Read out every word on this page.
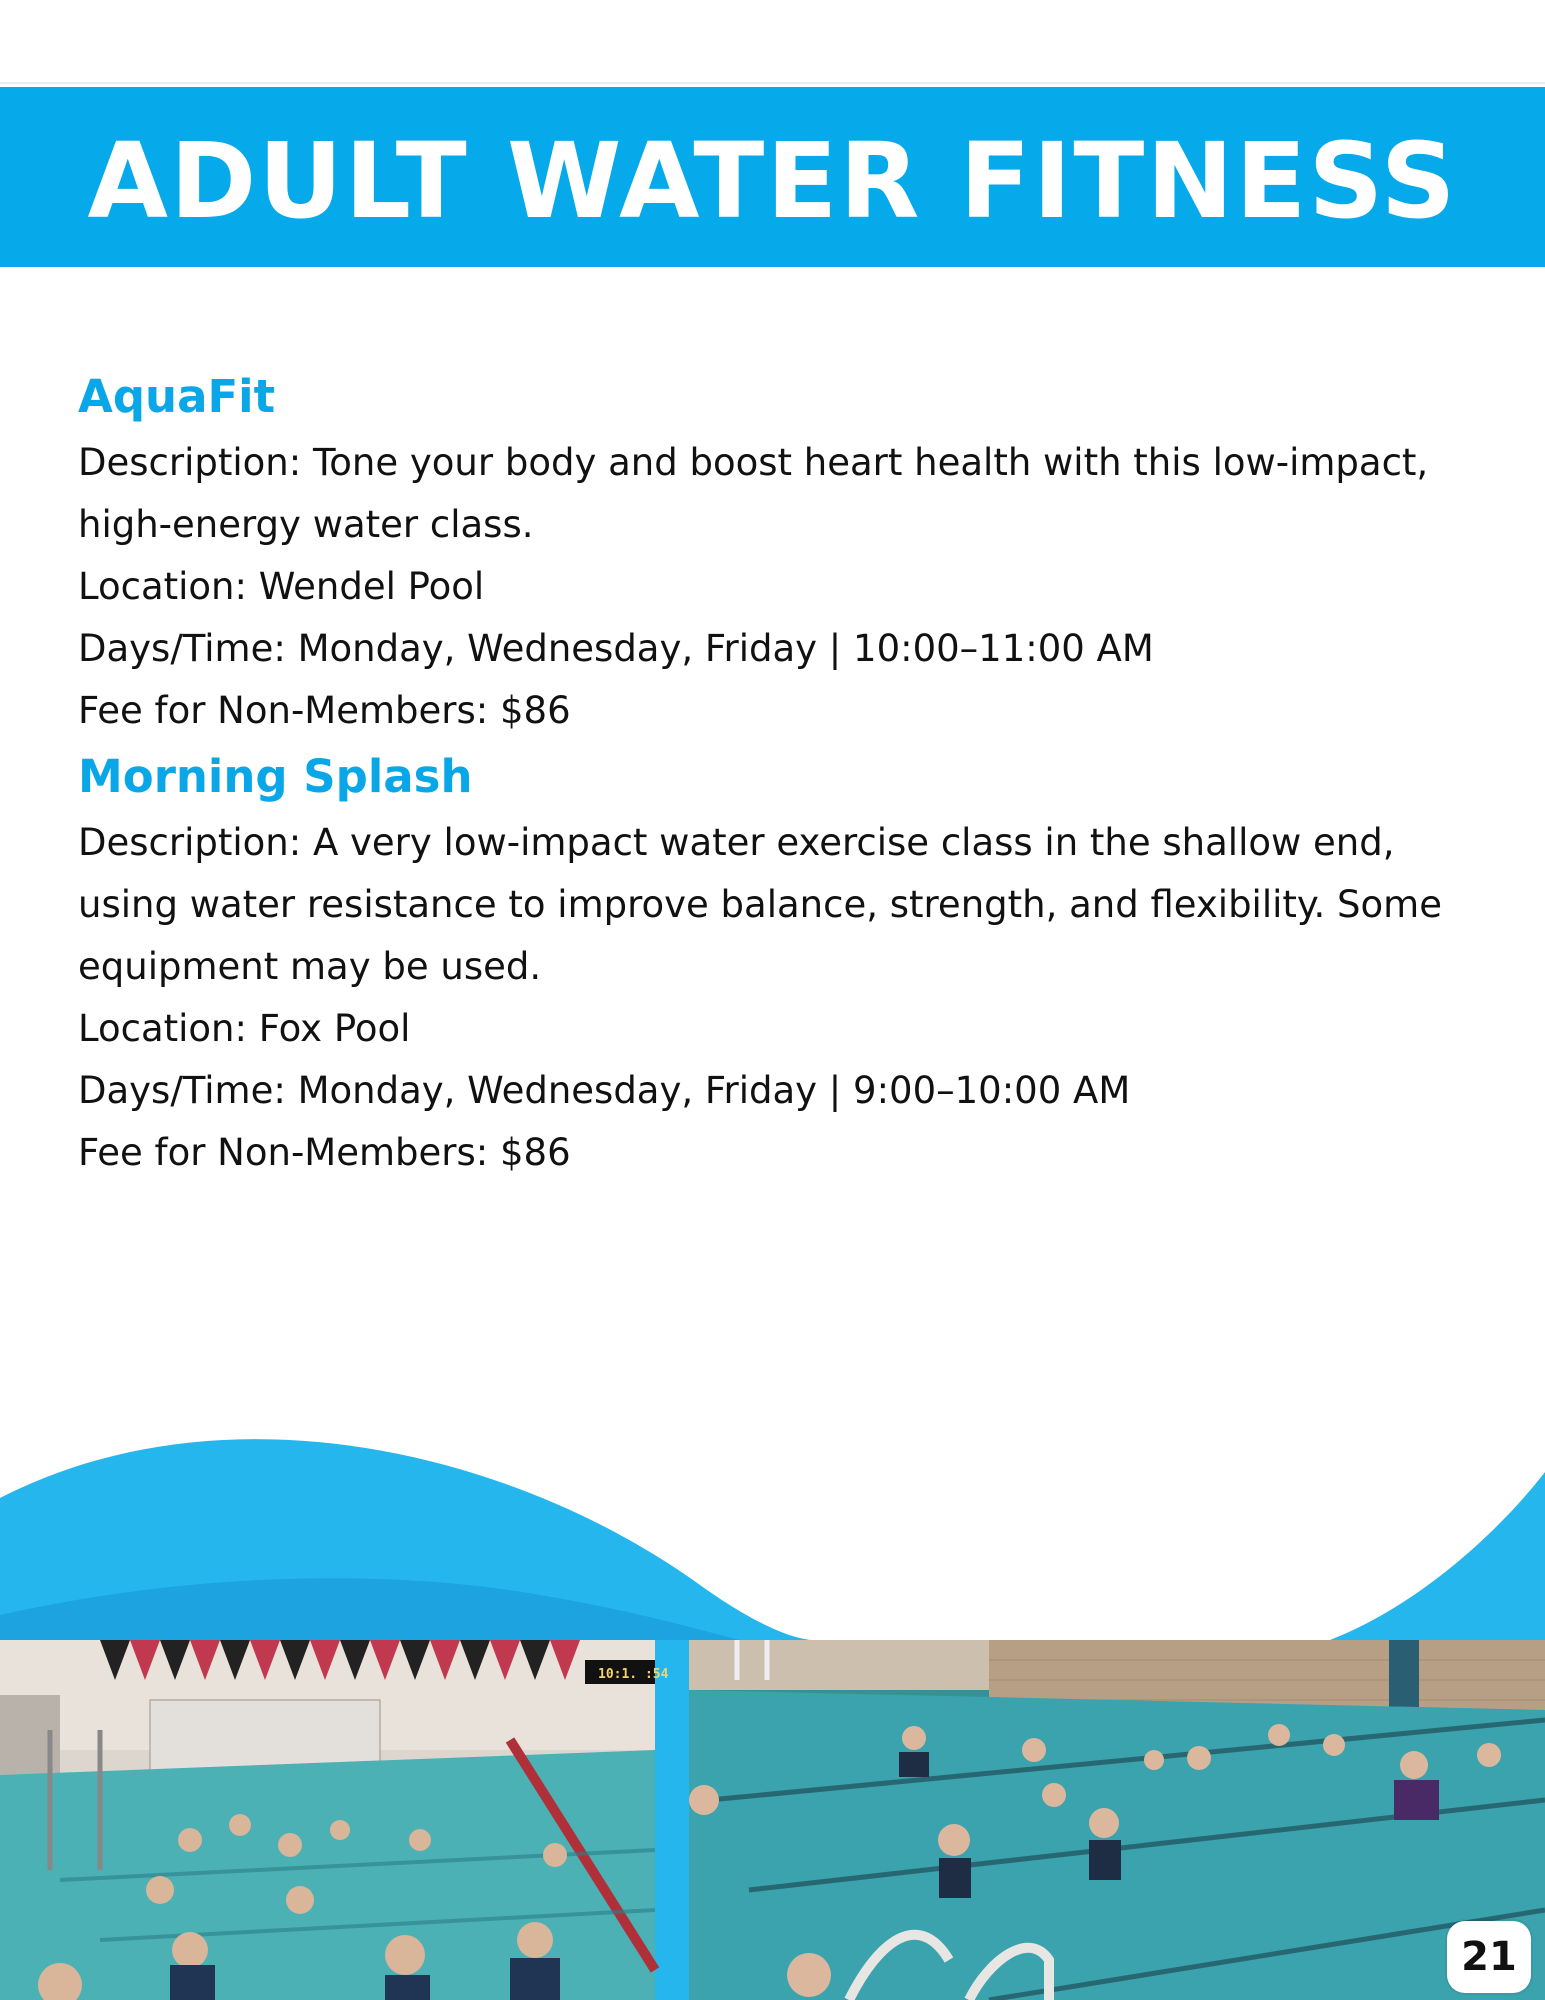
ADULT WATER FITNESS
AquaFit

Description: Tone your body and boost heart health with this low-impact,

high-energy water class.

Location: Wendel Pool

Days/Time: Monday, Wednesday, Friday | 10:00–11:00 AM

Fee for Non-Members: $86

Morning Splash

Description: A very low-impact water exercise class in the shallow end,

using water resistance to improve balance, strength, and flexibility. Some

equipment may be used.

Location: Fox Pool

Days/Time: Monday, Wednesday, Friday | 9:00–10:00 AM

Fee for Non-Members: $86

10:1. :54
21
